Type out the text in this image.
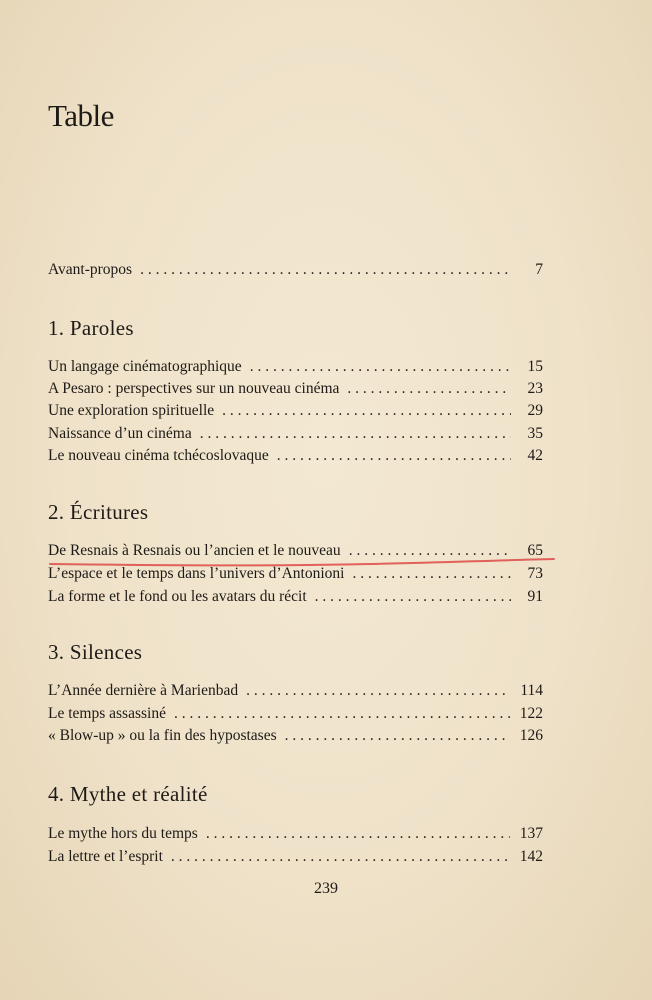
Table
Avant-propos . . .	7
1. Paroles
Un langage cinématographique . . .	15
A Pesaro : perspectives sur un nouveau cinéma . . .	23
Une exploration spirituelle . . .	29
Naissance d’un cinéma . . .	35
Le nouveau cinéma tchécoslovaque . . .	42
2. Écritures
De Resnais à Resnais ou l’ancien et le nouveau . . .	65
L’espace et le temps dans l’univers d’Antonioni . . .	73
La forme et le fond ou les avatars du récit . . .	91
3. Silences
L’Année dernière à Marienbad . . .	114
Le temps assassiné . . .	122
« Blow-up » ou la fin des hypostases . . .	126
4. Mythe et réalité
Le mythe hors du temps . . .	137
La lettre et l’esprit . . .	142
239
